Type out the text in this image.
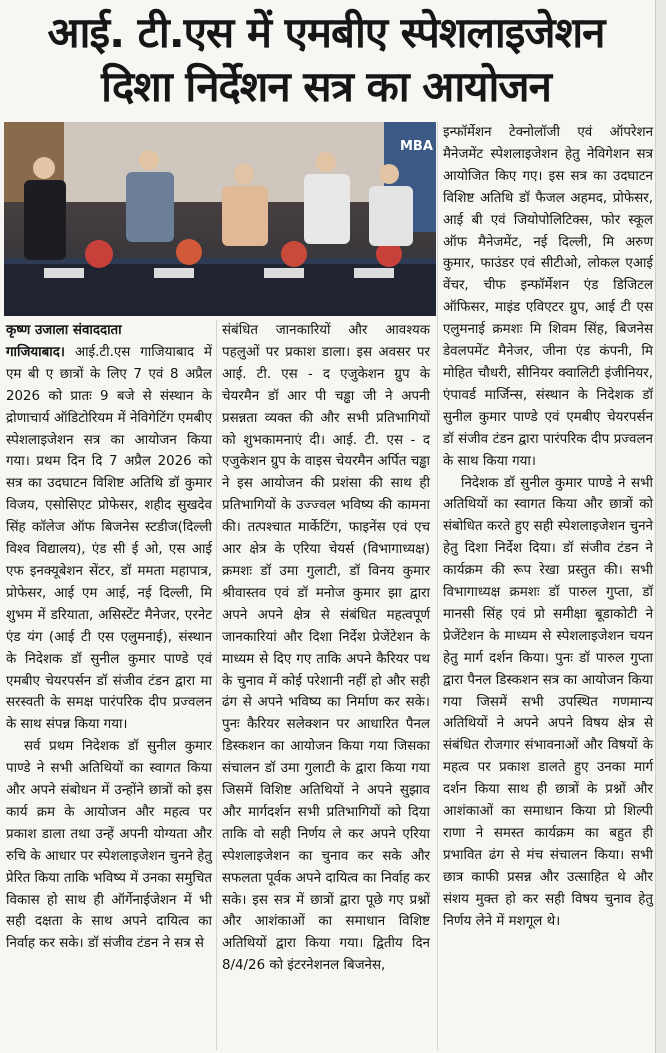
आई. टी.एस में एमबीए स्पेशलाइजेशन
दिशा निर्देशन सत्र का आयोजन
MBA
कृष्ण उजाला संवाददाता

गाजियाबाद। आई.टी.एस गाजियाबाद में एम बी ए छात्रों के लिए 7 एवं 8 अप्रैल 2026 को प्रातः 9 बजे से संस्थान के द्रोणाचार्य ऑडिटोरियम में नेविगेटिंग एमबीए स्पेशलाइजेशन सत्र का आयोजन किया गया। प्रथम दिन दि 7 अप्रैल 2026 को सत्र का उदघाटन विशिष्ट अतिथि डॉ कुमार विजय, एसोसिएट प्रोफेसर, शहीद सुखदेव सिंह कॉलेज ऑफ बिजनेस स्टडीज(दिल्ली विश्व विद्यालय), एंड सी ई ओ, एस आई एफ इनक्यूबेशन सेंटर, डॉ ममता महापात्र, प्रोफेसर, आई एम आई, नई दिल्ली, मि शुभम में डरियाता, असिस्टेंट मैनेजर, एरनेट एंड यंग (आई टी एस एलुमनाई), संस्थान के निदेशक डॉ सुनील कुमार पाण्डे एवं एमबीए चेयरपर्सन डॉ संजीव टंडन द्वारा मा सरस्वती के समक्ष पारंपरिक दीप प्रज्वलन के साथ संपन्न किया गया।

सर्व प्रथम निदेशक डॉ सुनील कुमार पाण्डे ने सभी अतिथियों का स्वागत किया और अपने संबोधन में उन्होंने छात्रों को इस कार्य क्रम के आयोजन और महत्व पर प्रकाश डाला तथा उन्हें अपनी योग्यता और रुचि के आधार पर स्पेशलाइजेशन चुनने हेतु प्रेरित किया ताकि भविष्य में उनका समुचित विकास हो साथ ही ऑर्गेनाईजेशन में भी सही दक्षता के साथ अपने दायित्व का निर्वाह कर सके। डॉ संजीव टंडन ने सत्र से

संबंधित जानकारियों और आवश्यक पहलुओं पर प्रकाश डाला। इस अवसर पर आई. टी. एस - द एजुकेशन ग्रुप के चेयरमैन डॉ आर पी चड्ढा जी ने अपनी प्रसन्नता व्यक्त की और सभी प्रतिभागियों को शुभकामनाएं दी। आई. टी. एस - द एजुकेशन ग्रुप के वाइस चेयरमैन अर्पित चड्ढा ने इस आयोजन की प्रशंसा की साथ ही प्रतिभागियों के उज्ज्वल भविष्य की कामना की। तत्पश्चात मार्केटिंग, फाइनेंस एवं एच आर क्षेत्र के एरिया चेयर्स (विभागाध्यक्ष) क्रमशः डॉ उमा गुलाटी, डॉ विनय कुमार श्रीवास्तव एवं डॉ मनोज कुमार झा द्वारा अपने अपने क्षेत्र से संबंधित महत्वपूर्ण जानकारियां और दिशा निर्देश प्रेजेंटेशन के माध्यम से दिए गए ताकि अपने कैरियर पथ के चुनाव में कोई परेशानी नहीं हो और सही ढंग से अपने भविष्य का निर्माण कर सके। पुनः कैरियर सलेक्शन पर आधारित पैनल डिस्कशन का आयोजन किया गया जिसका संचालन डॉ उमा गुलाटी के द्वारा किया गया जिसमें विशिष्ट अतिथियों ने अपने सुझाव और मार्गदर्शन सभी प्रतिभागियों को दिया ताकि वो सही निर्णय ले कर अपने एरिया स्पेशलाइजेशन का चुनाव कर सके और सफलता पूर्वक अपने दायित्व का निर्वाह कर सके। इस सत्र में छात्रों द्वारा पूछे गए प्रश्नों और आशंकाओं का समाधान विशिष्ट अतिथियों द्वारा किया गया। द्वितीय दिन 8/4/26 को इंटरनेशनल बिजनेस,

इन्फॉर्मेशन टेक्नोलॉजी एवं ऑपरेशन मैनेजमेंट स्पेशलाइजेशन हेतु नेविगेशन सत्र आयोजित किए गए। इस सत्र का उदघाटन विशिष्ट अतिथि डॉ फैजल अहमद, प्रोफेसर, आई बी एवं जियोपोलिटिक्स, फोर स्कूल ऑफ मैनेजमेंट, नई दिल्ली, मि अरुण कुमार, फाउंडर एवं सीटीओ, लोकल एआई वेंचर, चीफ इन्फॉर्मेशन एंड डिजिटल ऑफिसर, माइंड एविएटर ग्रुप, आई टी एस एलुमनाई क्रमशः मि शिवम सिंह, बिजनेस डेवलपमेंट मैनेजर, जीना एंड कंपनी, मि मोहित चौधरी, सीनियर क्वालिटी इंजीनियर, एंपावर्ड मार्जिन्स, संस्थान के निदेशक डॉ सुनील कुमार पाण्डे एवं एमबीए चेयरपर्सन डॉ संजीव टंडन द्वारा पारंपरिक दीप प्रज्वलन के साथ किया गया।

निदेशक डॉ सुनील कुमार पाण्डे ने सभी अतिथियों का स्वागत किया और छात्रों को संबोधित करते हुए सही स्पेशलाइजेशन चुनने हेतु दिशा निर्देश दिया। डॉ संजीव टंडन ने कार्यक्रम की रूप रेखा प्रस्तुत की। सभी विभागाध्यक्ष क्रमशः डॉ पारुल गुप्ता, डॉ मानसी सिंह एवं प्रो समीक्षा बूडाकोटी ने प्रेजेंटेशन के माध्यम से स्पेशलाइजेशन चयन हेतु मार्ग दर्शन किया। पुनः डॉ पारुल गुप्ता द्वारा पैनल डिस्कशन सत्र का आयोजन किया गया जिसमें सभी उपस्थित गणमान्य अतिथियों ने अपने अपने विषय क्षेत्र से संबंधित रोजगार संभावनाओं और विषयों के महत्व पर प्रकाश डालते हुए उनका मार्ग दर्शन किया साथ ही छात्रों के प्रश्नों और आशंकाओं का समाधान किया प्रो शिल्पी राणा ने समस्त कार्यक्रम का बहुत ही प्रभावित ढंग से मंच संचालन किया। सभी छात्र काफी प्रसन्न और उत्साहित थे और संशय मुक्त हो कर सही विषय चुनाव हेतु निर्णय लेने में मशगूल थे।
